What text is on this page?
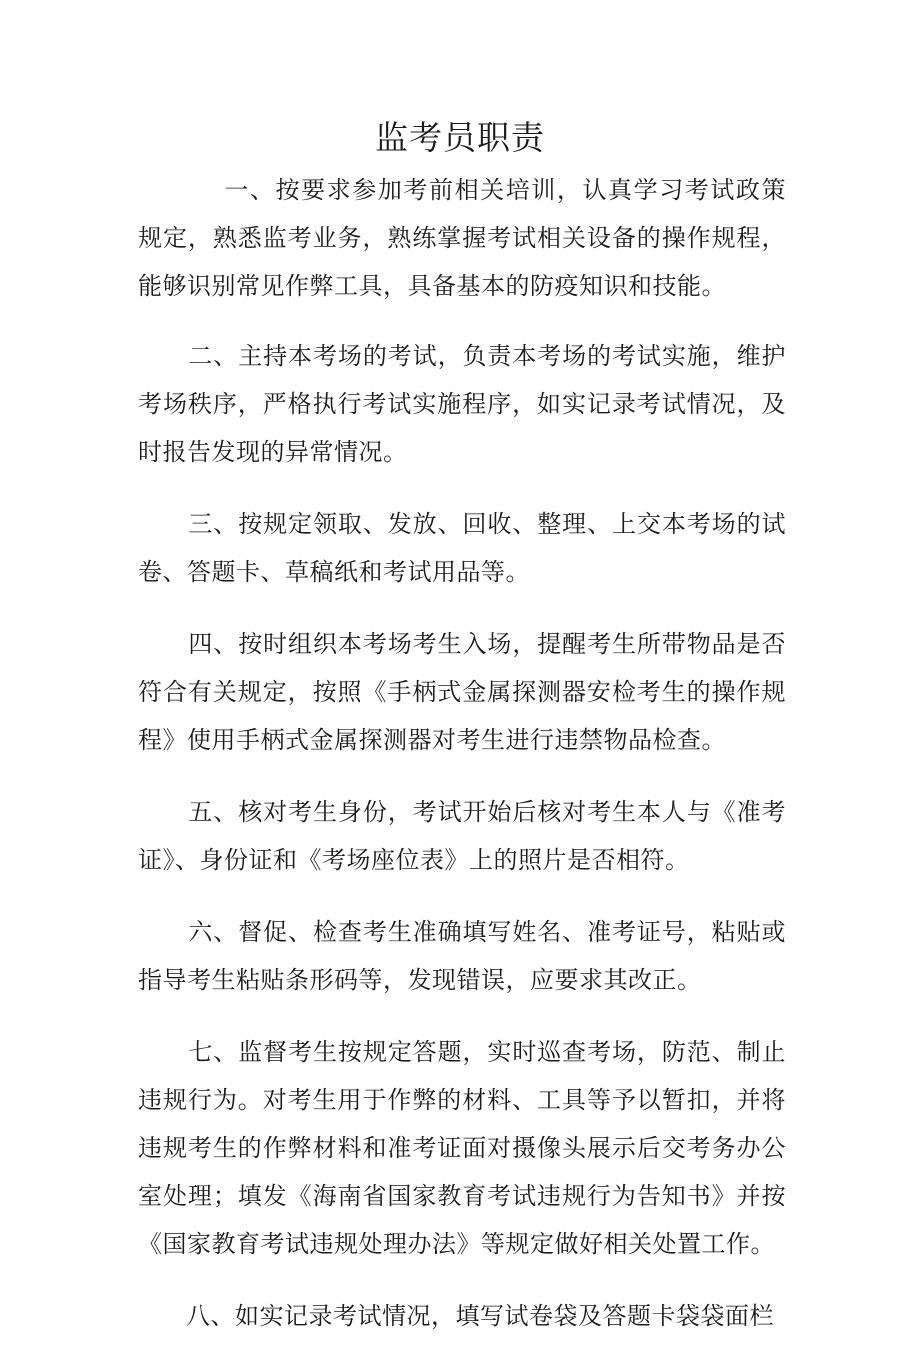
监考员职责

一、按要求参加考前相关培训，认真学习考试政策规定，熟悉监考业务，熟练掌握考试相关设备的操作规程，能够识别常见作弊工具，具备基本的防疫知识和技能。

二、主持本考场的考试，负责本考场的考试实施，维护考场秩序，严格执行考试实施程序，如实记录考试情况，及时报告发现的异常情况。

三、按规定领取、发放、回收、整理、上交本考场的试卷、答题卡、草稿纸和考试用品等。

四、按时组织本考场考生入场，提醒考生所带物品是否符合有关规定，按照《手柄式金属探测器安检考生的操作规程》使用手柄式金属探测器对考生进行违禁物品检查。

五、核对考生身份，考试开始后核对考生本人与《准考证》、身份证和《考场座位表》上的照片是否相符。

六、督促、检查考生准确填写姓名、准考证号，粘贴或指导考生粘贴条形码等，发现错误，应要求其改正。

七、监督考生按规定答题，实时巡查考场，防范、制止违规行为。对考生用于作弊的材料、工具等予以暂扣，并将违规考生的作弊材料和准考证面对摄像头展示后交考务办公室处理；填发《海南省国家教育考试违规行为告知书》并按《国家教育考试违规处理办法》等规定做好相关处置工作。

八、如实记录考试情况，填写试卷袋及答题卡袋袋面栏
